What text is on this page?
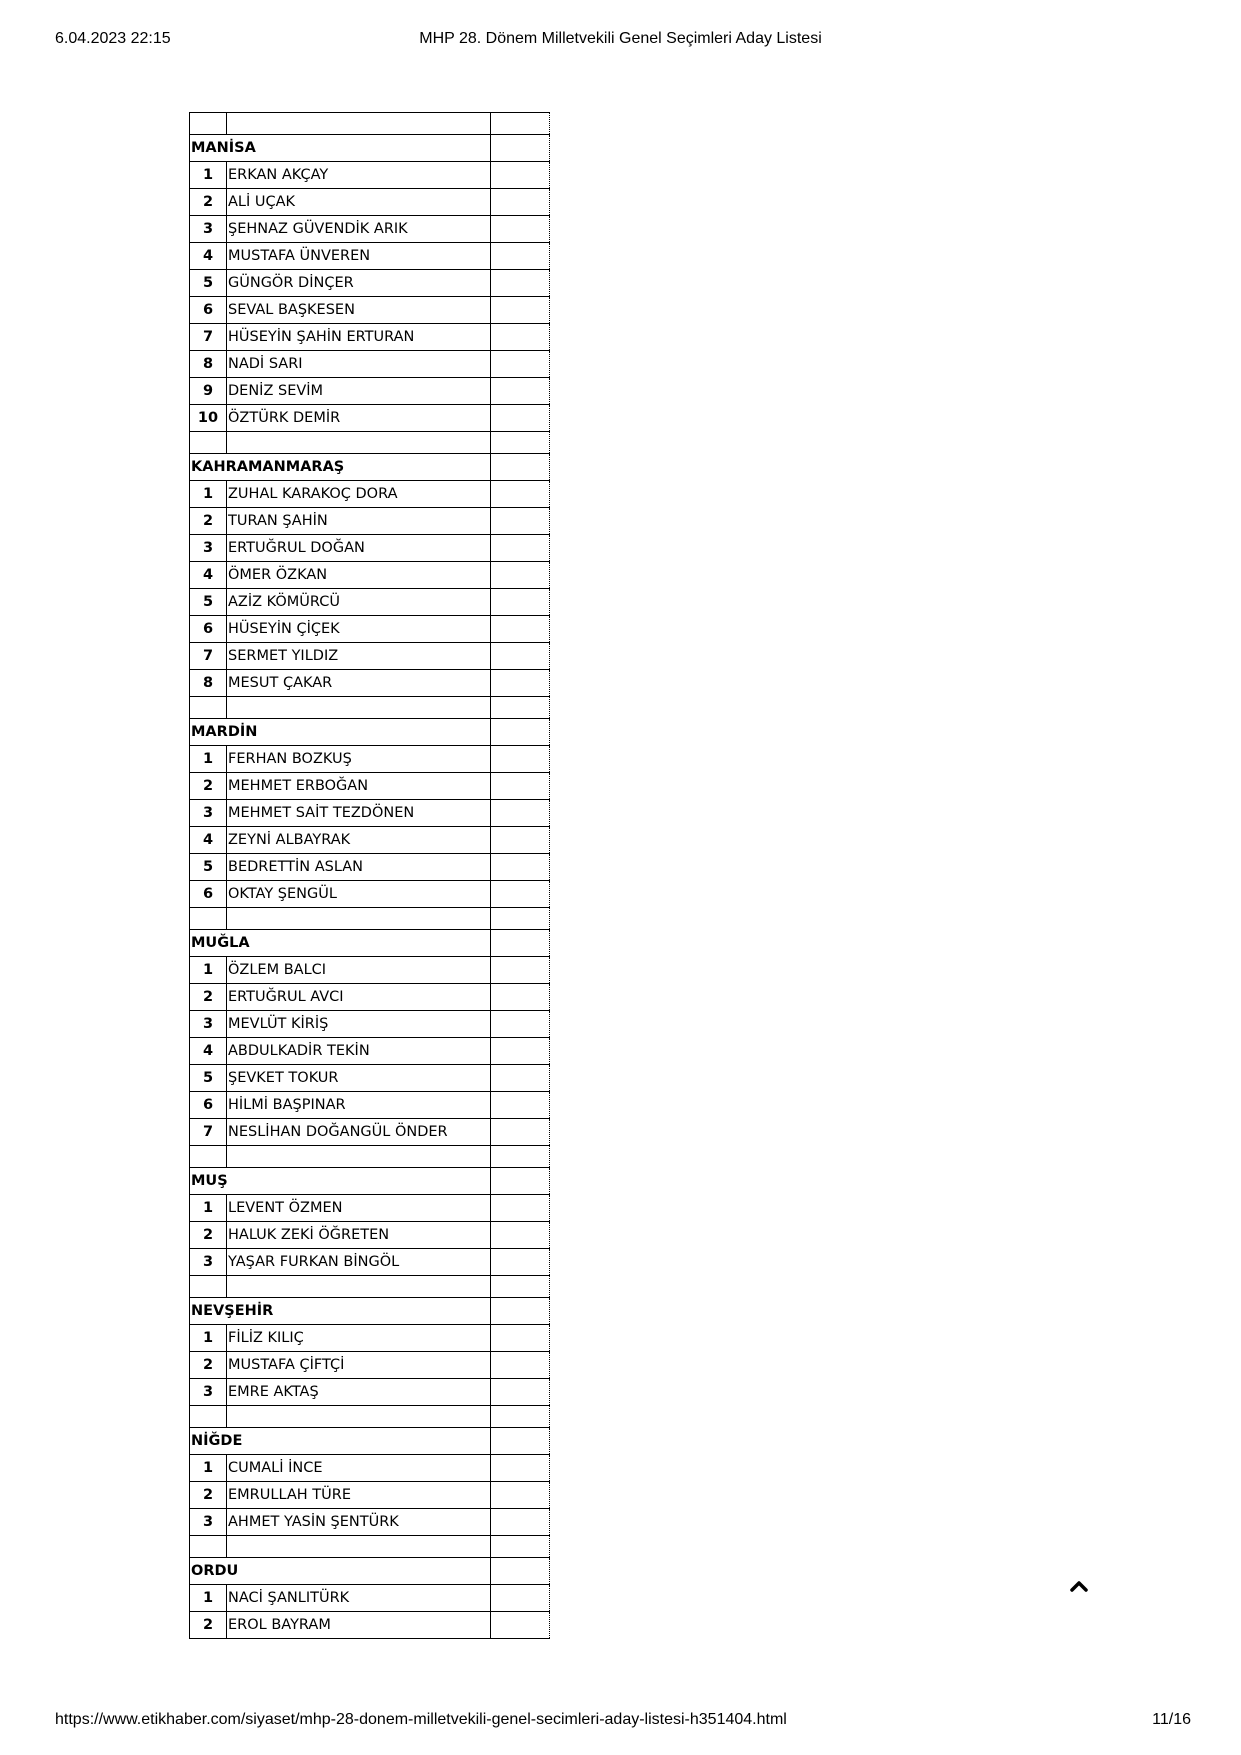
6.04.2023 22:15	MHP 28. Dönem Milletvekili Genel Seçimleri Aday Listesi

MANİSA		
1	ERKAN AKÇAY	
2	ALİ UÇAK	
3	ŞEHNAZ GÜVENDİK ARIK	
4	MUSTAFA ÜNVEREN	
5	GÜNGÖR DİNÇER	
6	SEVAL BAŞKESEN	
7	HÜSEYİN ŞAHİN ERTURAN	
8	NADİ SARI	
9	DENİZ SEVİM	
10	ÖZTÜRK DEMİR	

KAHRAMANMARAŞ		
1	ZUHAL KARAKOÇ DORA	
2	TURAN ŞAHİN	
3	ERTUĞRUL DOĞAN	
4	ÖMER ÖZKAN	
5	AZİZ KÖMÜRCÜ	
6	HÜSEYİN ÇİÇEK	
7	SERMET YILDIZ	
8	MESUT ÇAKAR	

MARDİN		
1	FERHAN BOZKUŞ	
2	MEHMET ERBOĞAN	
3	MEHMET SAİT TEZDÖNEN	
4	ZEYNİ ALBAYRAK	
5	BEDRETTİN ASLAN	
6	OKTAY ŞENGÜL	

MUĞLA		
1	ÖZLEM BALCI	
2	ERTUĞRUL AVCI	
3	MEVLÜT KİRİŞ	
4	ABDULKADİR TEKİN	
5	ŞEVKET TOKUR	
6	HİLMİ BAŞPINAR	
7	NESLİHAN DOĞANGÜL ÖNDER	

MUŞ		
1	LEVENT ÖZMEN	
2	HALUK ZEKİ ÖĞRETEN	
3	YAŞAR FURKAN BİNGÖL	

NEVŞEHİR		
1	FİLİZ KILIÇ	
2	MUSTAFA ÇİFTÇİ	
3	EMRE AKTAŞ	

NİĞDE		
1	CUMALİ İNCE	
2	EMRULLAH TÜRE	
3	AHMET YASİN ŞENTÜRK	

ORDU		
1	NACİ ŞANLITÜRK	
2	EROL BAYRAM	
https://www.etikhaber.com/siyaset/mhp-28-donem-milletvekili-genel-secimleri-aday-listesi-h351404.html	11/16
